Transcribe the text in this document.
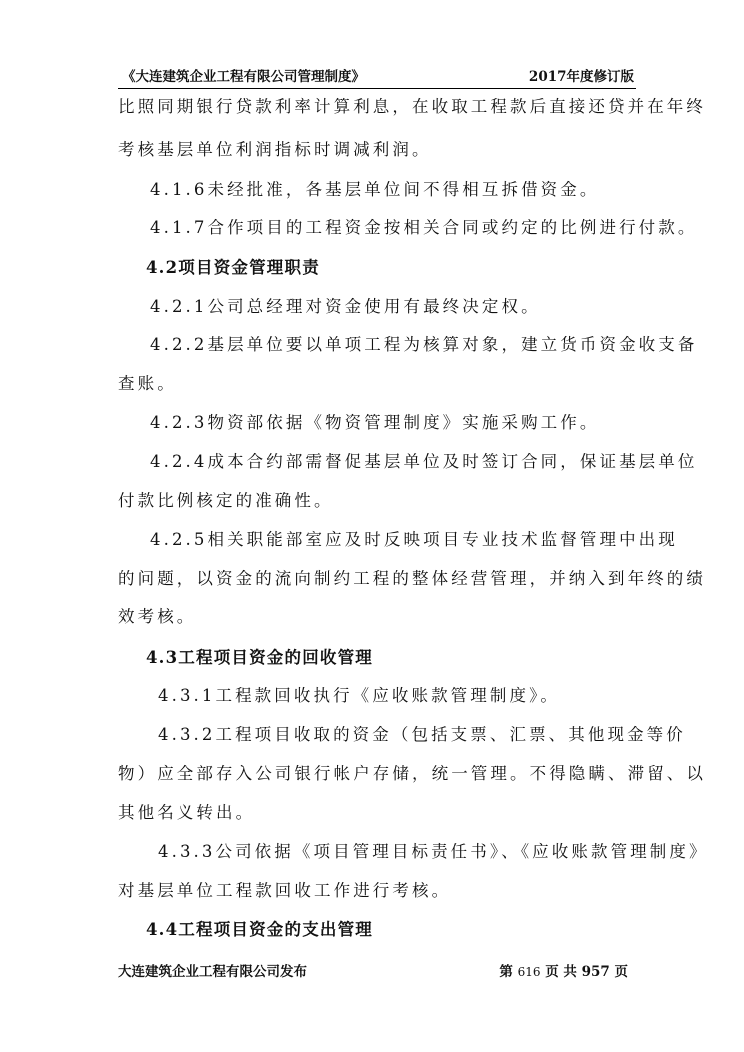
《大连建筑企业工程有限公司管理制度》	2017年度修订版
比照同期银行贷款利率计算利息，在收取工程款后直接还贷并在年终
考核基层单位利润指标时调减利润。
4.1.6未经批准，各基层单位间不得相互拆借资金。
4.1.7合作项目的工程资金按相关合同或约定的比例进行付款。
4.2项目资金管理职责
4.2.1公司总经理对资金使用有最终决定权。
4.2.2基层单位要以单项工程为核算对象，建立货币资金收支备
查账。
4.2.3物资部依据《物资管理制度》实施采购工作。
4.2.4成本合约部需督促基层单位及时签订合同，保证基层单位
付款比例核定的准确性。
4.2.5相关职能部室应及时反映项目专业技术监督管理中出现
的问题，以资金的流向制约工程的整体经营管理，并纳入到年终的绩
效考核。
4.3工程项目资金的回收管理
4.3.1工程款回收执行《应收账款管理制度》。
4.3.2工程项目收取的资金（包括支票、汇票、其他现金等价
物）应全部存入公司银行帐户存储，统一管理。不得隐瞒、滞留、以
其他名义转出。
4.3.3公司依据《项目管理目标责任书》、《应收账款管理制度》
对基层单位工程款回收工作进行考核。
4.4工程项目资金的支出管理
大连建筑企业工程有限公司发布	第 616 页 共 957 页
